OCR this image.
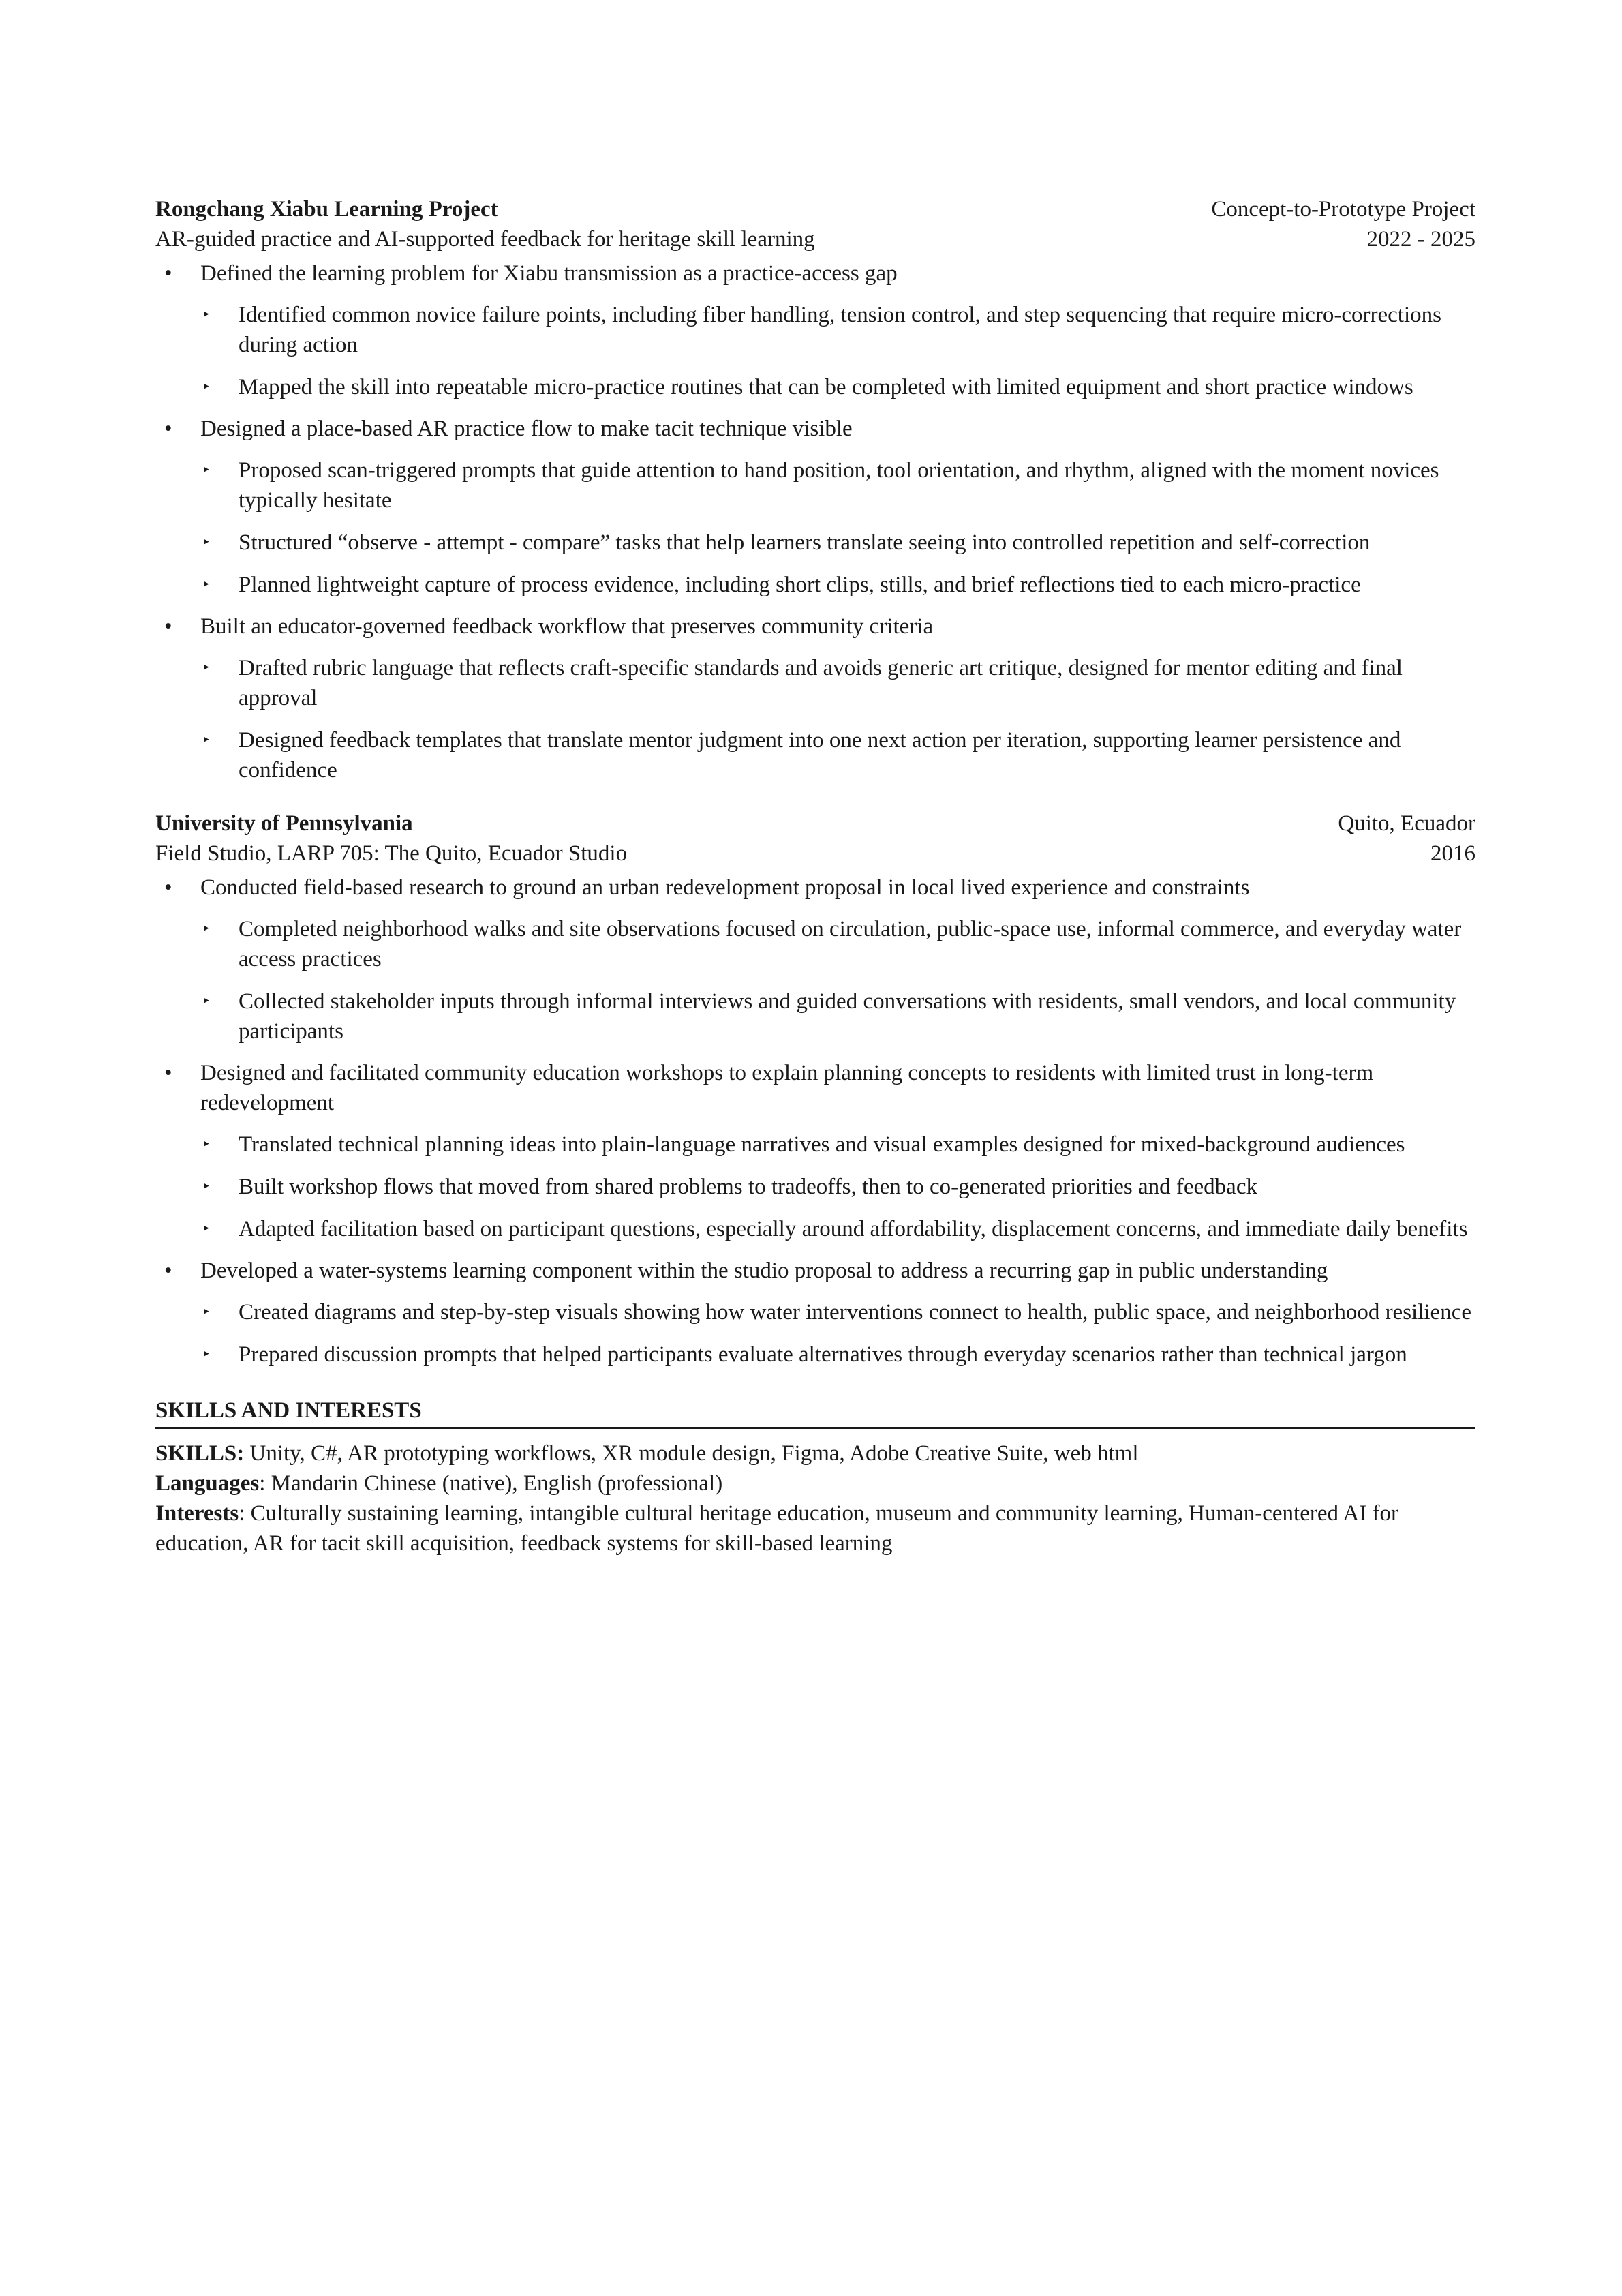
Rongchang Xiabu Learning Project	Concept-to-Prototype Project
AR-guided practice and AI-supported feedback for heritage skill learning	2022 - 2025
• Defined the learning problem for Xiabu transmission as a practice-access gap
‣ Identified common novice failure points, including fiber handling, tension control, and step sequencing that require micro-corrections during action
‣ Mapped the skill into repeatable micro-practice routines that can be completed with limited equipment and short practice windows
• Designed a place-based AR practice flow to make tacit technique visible
‣ Proposed scan-triggered prompts that guide attention to hand position, tool orientation, and rhythm, aligned with the moment novices typically hesitate
‣ Structured “observe - attempt - compare” tasks that help learners translate seeing into controlled repetition and self-correction
‣ Planned lightweight capture of process evidence, including short clips, stills, and brief reflections tied to each micro-practice
• Built an educator-governed feedback workflow that preserves community criteria
‣ Drafted rubric language that reflects craft-specific standards and avoids generic art critique, designed for mentor editing and final approval
‣ Designed feedback templates that translate mentor judgment into one next action per iteration, supporting learner persistence and confidence
University of Pennsylvania	Quito, Ecuador
Field Studio, LARP 705: The Quito, Ecuador Studio	2016
• Conducted field-based research to ground an urban redevelopment proposal in local lived experience and constraints
‣ Completed neighborhood walks and site observations focused on circulation, public-space use, informal commerce, and everyday water access practices
‣ Collected stakeholder inputs through informal interviews and guided conversations with residents, small vendors, and local community participants
• Designed and facilitated community education workshops to explain planning concepts to residents with limited trust in long-term redevelopment
‣ Translated technical planning ideas into plain-language narratives and visual examples designed for mixed-background audiences
‣ Built workshop flows that moved from shared problems to tradeoffs, then to co-generated priorities and feedback
‣ Adapted facilitation based on participant questions, especially around affordability, displacement concerns, and immediate daily benefits
• Developed a water-systems learning component within the studio proposal to address a recurring gap in public understanding
‣ Created diagrams and step-by-step visuals showing how water interventions connect to health, public space, and neighborhood resilience
‣ Prepared discussion prompts that helped participants evaluate alternatives through everyday scenarios rather than technical jargon
SKILLS AND INTERESTS

SKILLS: Unity, C#, AR prototyping workflows, XR module design, Figma, Adobe Creative Suite, web html

Languages: Mandarin Chinese (native), English (professional)

Interests: Culturally sustaining learning, intangible cultural heritage education, museum and community learning, Human-centered AI for education, AR for tacit skill acquisition, feedback systems for skill-based learning
